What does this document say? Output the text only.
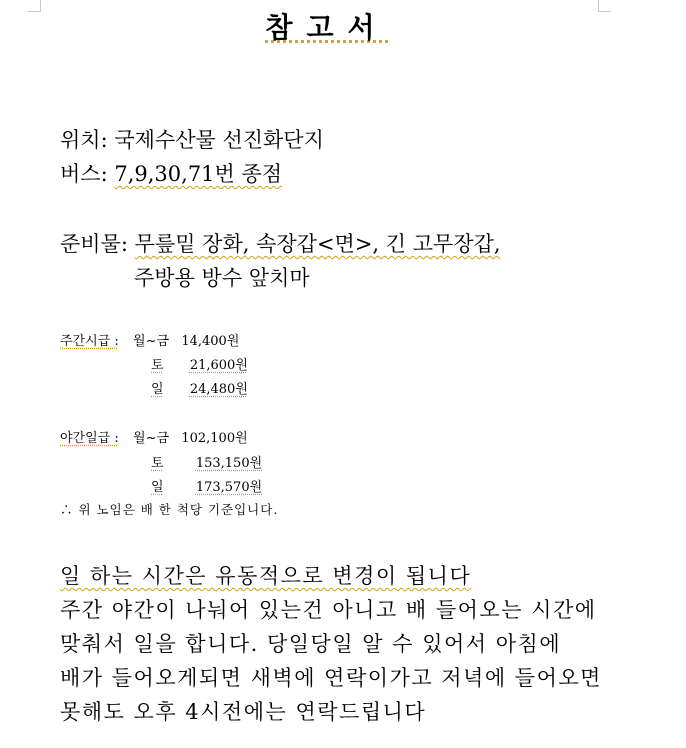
참고서
위치: 국제수산물 선진화단지
버스: 7,9,30,71번 종점
준비물: 무릎밑 장화, 속장갑<면>, 긴 고무장갑,
주방용 방수 앞치마
주간시급 : 월~금 14,400원
토 21,600원
일 24,480원
야간일급 : 월~금 102,100원
토 153,150원
일 173,570원
∴ 위 노임은 배 한 척당 기준입니다.
일 하는 시간은 유동적으로 변경이 됩니다
주간 야간이 나눠어 있는건 아니고 배 들어오는 시간에
맞춰서 일을 합니다. 당일당일 알 수 있어서 아침에
배가 들어오게되면 새벽에 연락이가고 저녁에 들어오면
못해도 오후 4시전에는 연락드립니다
